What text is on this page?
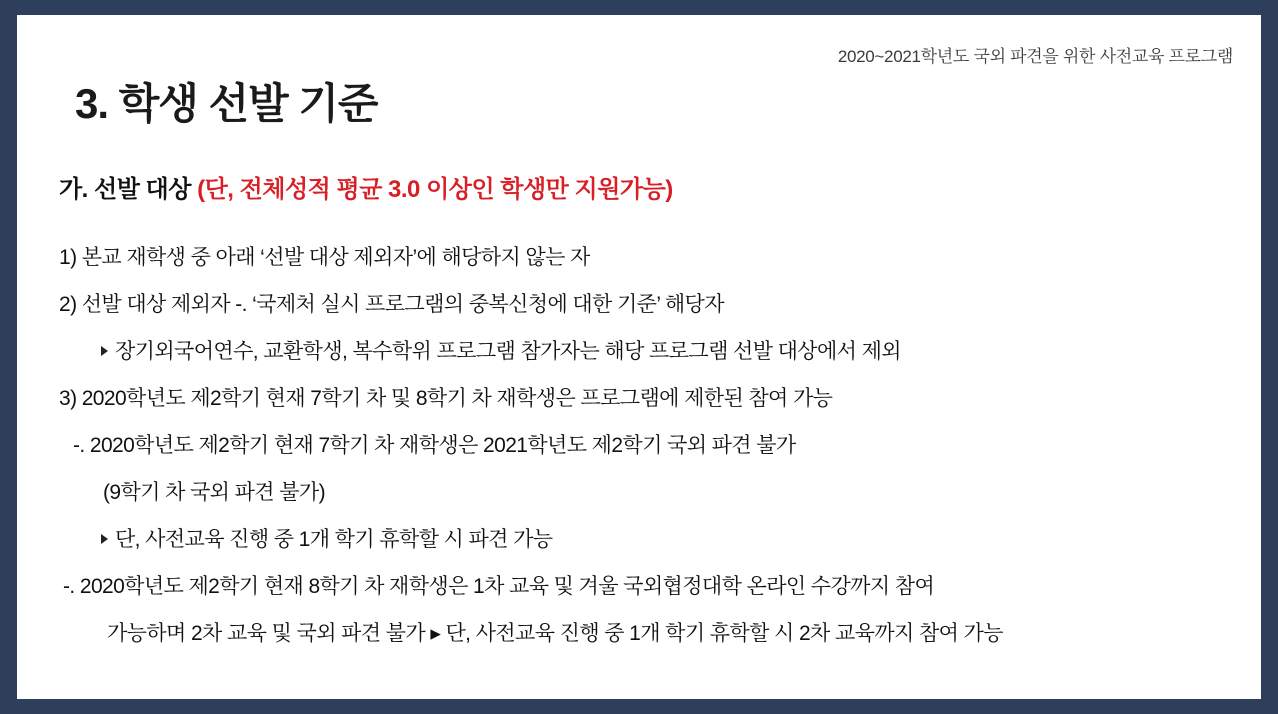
2020~2021학년도 국외 파견을 위한 사전교육 프로그램
3. 학생 선발 기준
가. 선발 대상 (단, 전체성적 평균 3.0 이상인 학생만 지원가능)
1) 본교 재학생 중 아래 ‘선발 대상 제외자’에 해당하지 않는 자
2) 선발 대상 제외자 -. ‘국제처 실시 프로그램의 중복신청에 대한 기준’ 해당자
장기외국어연수, 교환학생, 복수학위 프로그램 참가자는 해당 프로그램 선발 대상에서 제외
3) 2020학년도 제2학기 현재 7학기 차 및 8학기 차 재학생은 프로그램에 제한된 참여 가능
-. 2020학년도 제2학기 현재 7학기 차 재학생은 2021학년도 제2학기 국외 파견 불가
(9학기 차 국외 파견 불가)
단, 사전교육 진행 중 1개 학기 휴학할 시 파견 가능
-. 2020학년도 제2학기 현재 8학기 차 재학생은 1차 교육 및 겨울 국외협정대학 온라인 수강까지 참여
가능하며 2차 교육 및 국외 파견 불가 ▸ 단, 사전교육 진행 중 1개 학기 휴학할 시 2차 교육까지 참여 가능
